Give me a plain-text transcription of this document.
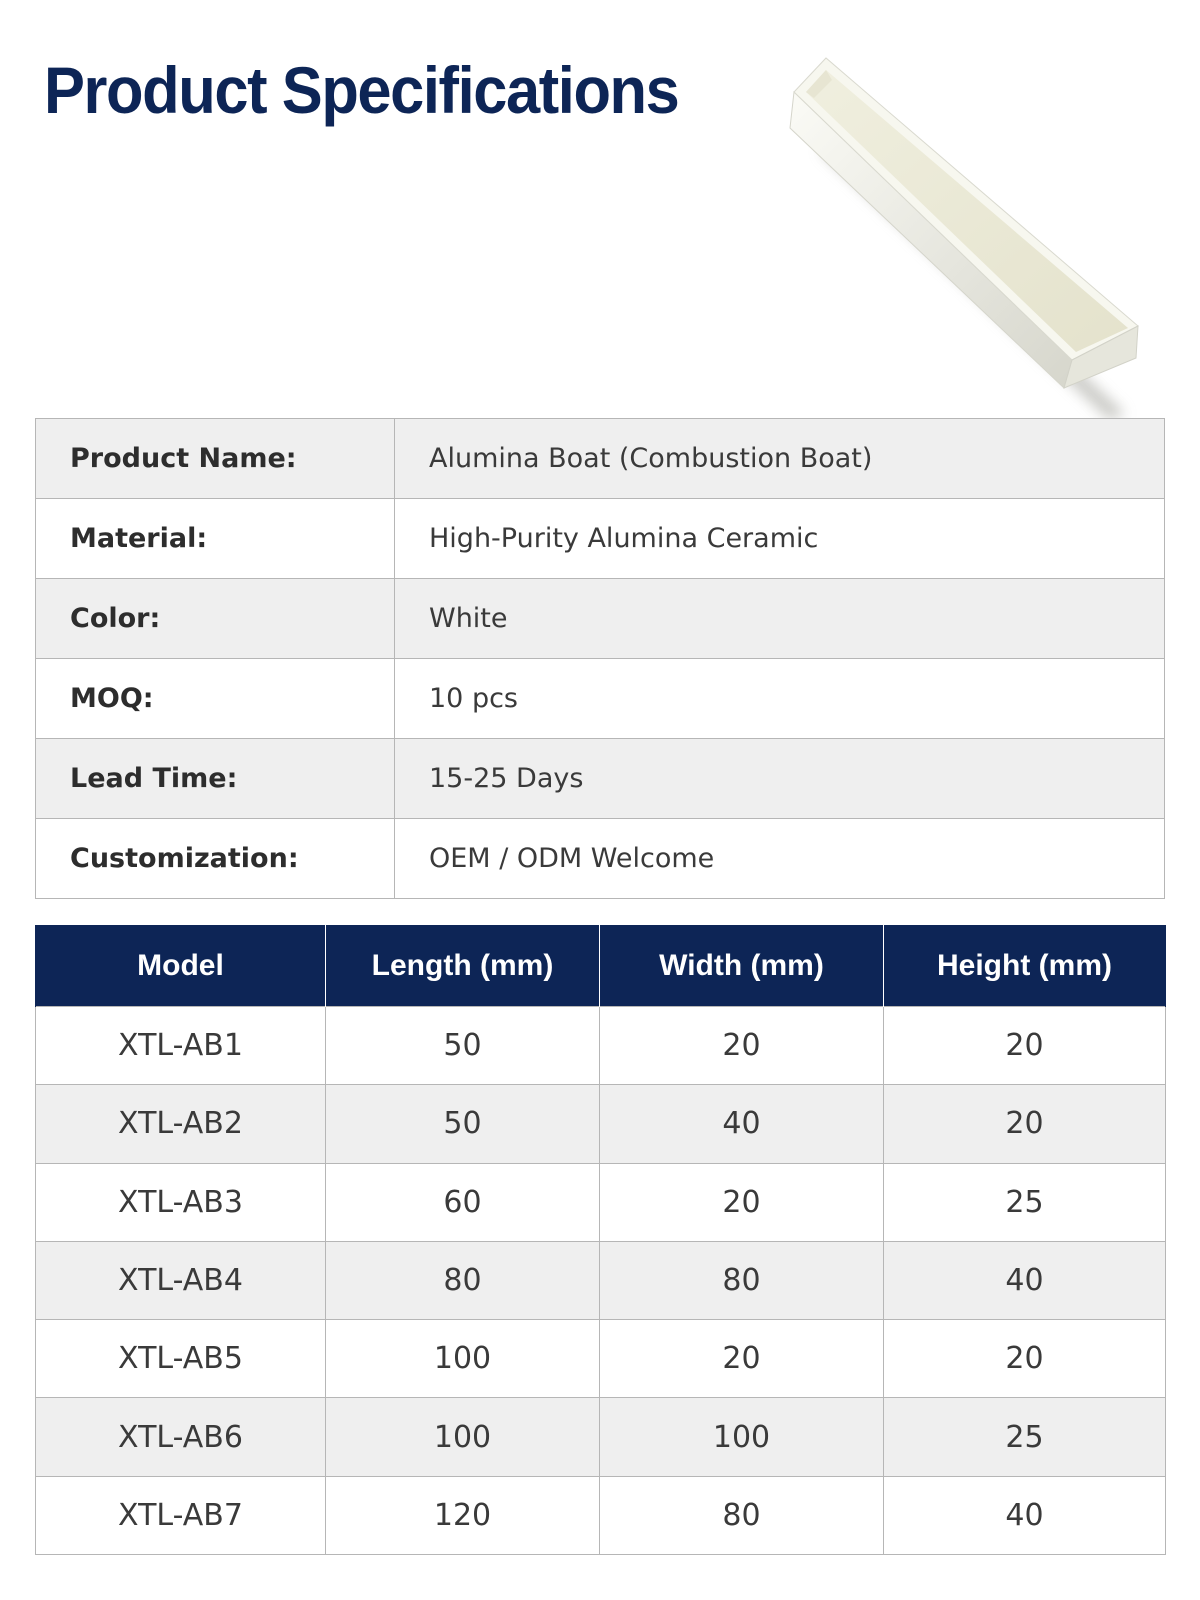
Product Specifications
Product Name:	Alumina Boat (Combustion Boat)
Material:	High-Purity Alumina Ceramic
Color:	White
MOQ:	10 pcs
Lead Time:	15-25 Days
Customization:	OEM / ODM Welcome
Model	Length (mm)	Width (mm)	Height (mm)
XTL-AB1	50	20	20
XTL-AB2	50	40	20
XTL-AB3	60	20	25
XTL-AB4	80	80	40
XTL-AB5	100	20	20
XTL-AB6	100	100	25
XTL-AB7	120	80	40
